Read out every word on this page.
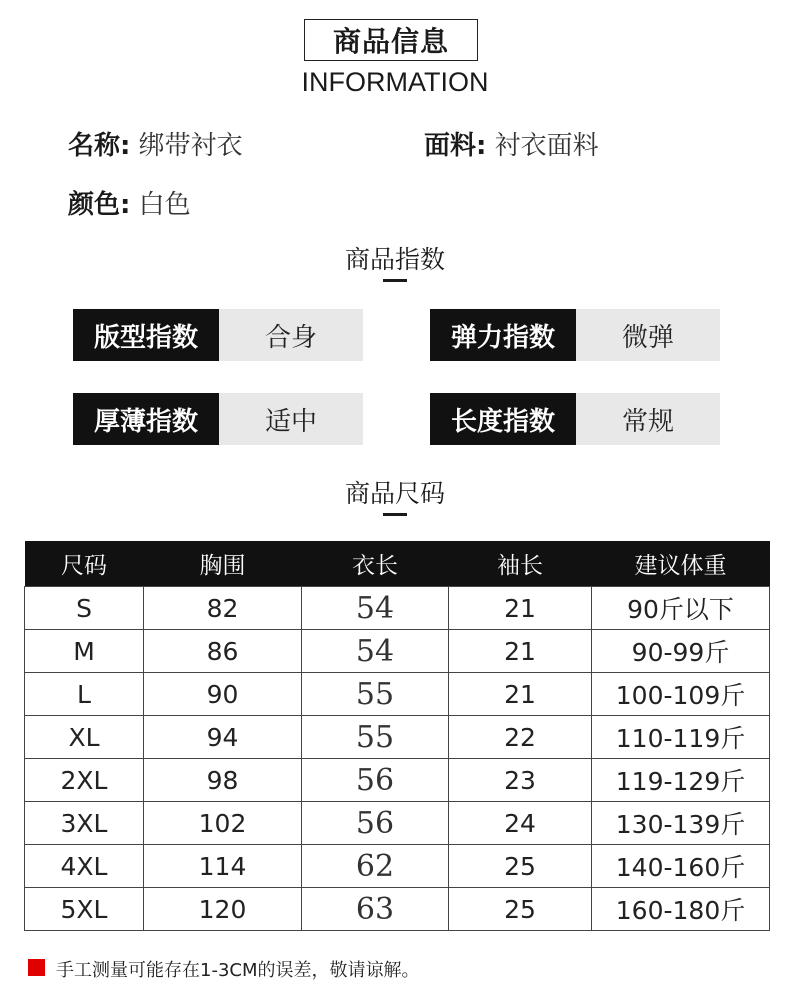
商品信息
INFORMATION
名称: 绑带衬衣	面料: 衬衣面料
颜色: 白色
商品指数
版型指数	合身	弹力指数	微弹
厚薄指数	适中	长度指数	常规
商品尺码
尺码	胸围	衣长	袖长	建议体重
S	82	54	21	90斤以下
M	86	54	21	90-99斤
L	90	55	21	100-109斤
XL	94	55	22	110-119斤
2XL	98	56	23	119-129斤
3XL	102	56	24	130-139斤
4XL	114	62	25	140-160斤
5XL	120	63	25	160-180斤
手工测量可能存在1-3CM的误差，敬请谅解。
